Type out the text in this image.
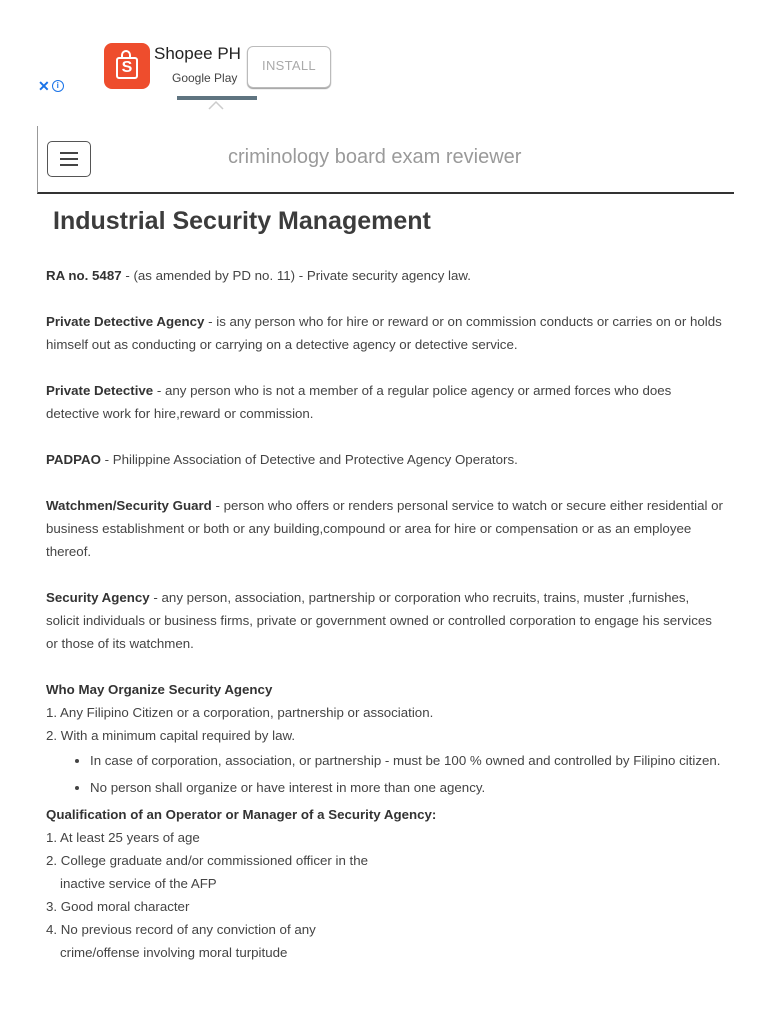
✕ i
S
Shopee PH
Google Play
INSTALL
criminology board exam reviewer
Industrial Security Management

RA no. 5487 - (as amended by PD no. 11) - Private security agency law.

Private Detective Agency - is any person who for hire or reward or on commission conducts or carries on or holds himself out as conducting or carrying on a detective agency or detective service.

Private Detective - any person who is not a member of a regular police agency or armed forces who does detective work for hire,reward or commission.

PADPAO - Philippine Association of Detective and Protective Agency Operators.

Watchmen/Security Guard - person who offers or renders personal service to watch or secure either residential or business establishment or both or any building,compound or area for hire or compensation or as an employee thereof.

Security Agency - any person, association, partnership or corporation who recruits, trains, muster ,furnishes, solicit individuals or business firms, private or government owned or controlled corporation to engage his services or those of its watchmen.

Who May Organize Security Agency

1. Any Filipino Citizen or a corporation, partnership or association.

2. With a minimum capital required by law.

• In case of corporation, association, or partnership - must be 100 % owned and controlled by Filipino citizen.
• No person shall organize or have interest in more than one agency.

Qualification of an Operator or Manager of a Security Agency:

1. At least 25 years of age

2. College graduate and/or commissioned officer in the

inactive service of the AFP

3. Good moral character

4. No previous record of any conviction of any

crime/offense involving moral turpitude
